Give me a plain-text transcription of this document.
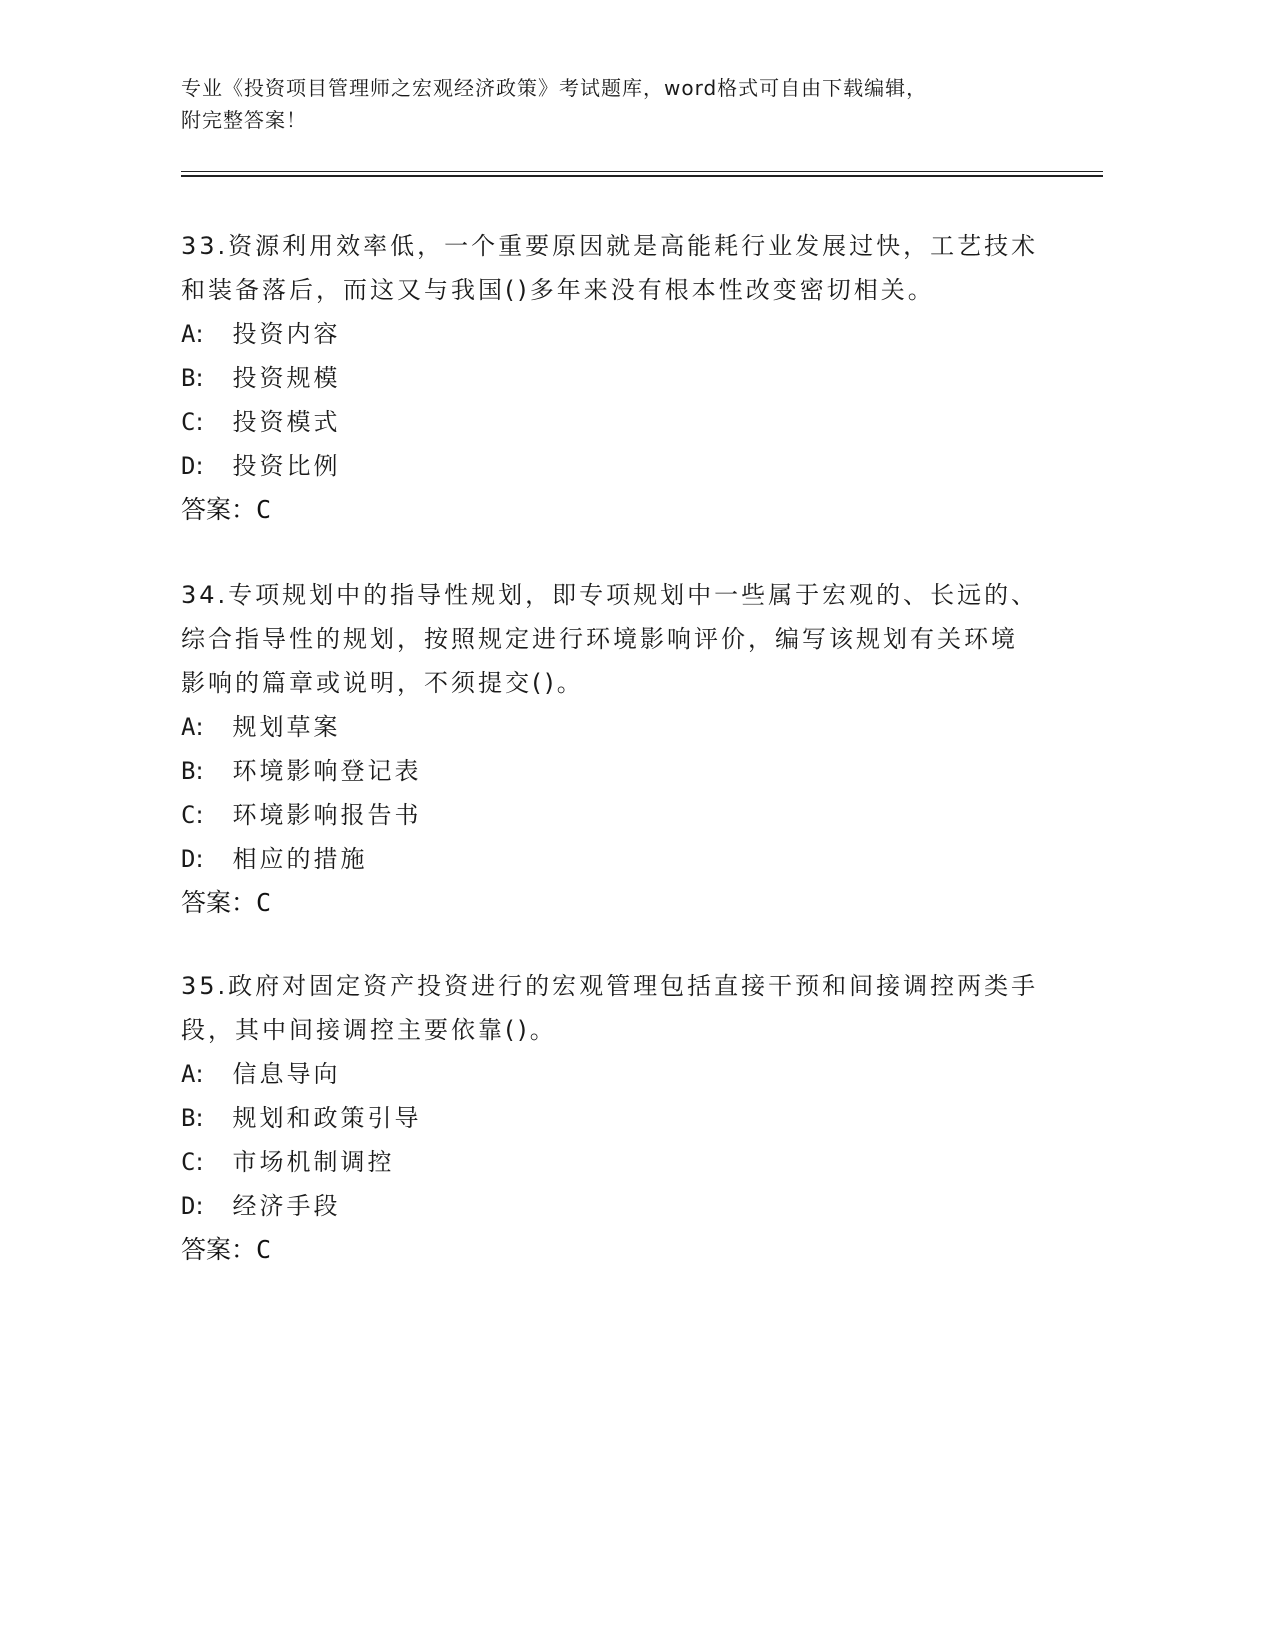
专业《投资项目管理师之宏观经济政策》考试题库，word格式可自由下载编辑，
附完整答案！
33.资源利用效率低，一个重要原因就是高能耗行业发展过快，工艺技术和装备落后，而这又与我国()多年来没有根本性改变密切相关。
A: 投资内容
B: 投资规模
C: 投资模式
D: 投资比例
答案：C
34.专项规划中的指导性规划，即专项规划中一些属于宏观的、长远的、综合指导性的规划，按照规定进行环境影响评价，编写该规划有关环境影响的篇章或说明，不须提交()。
A: 规划草案
B: 环境影响登记表
C: 环境影响报告书
D: 相应的措施
答案：C
35.政府对固定资产投资进行的宏观管理包括直接干预和间接调控两类手段，其中间接调控主要依靠()。
A: 信息导向
B: 规划和政策引导
C: 市场机制调控
D: 经济手段
答案：C
